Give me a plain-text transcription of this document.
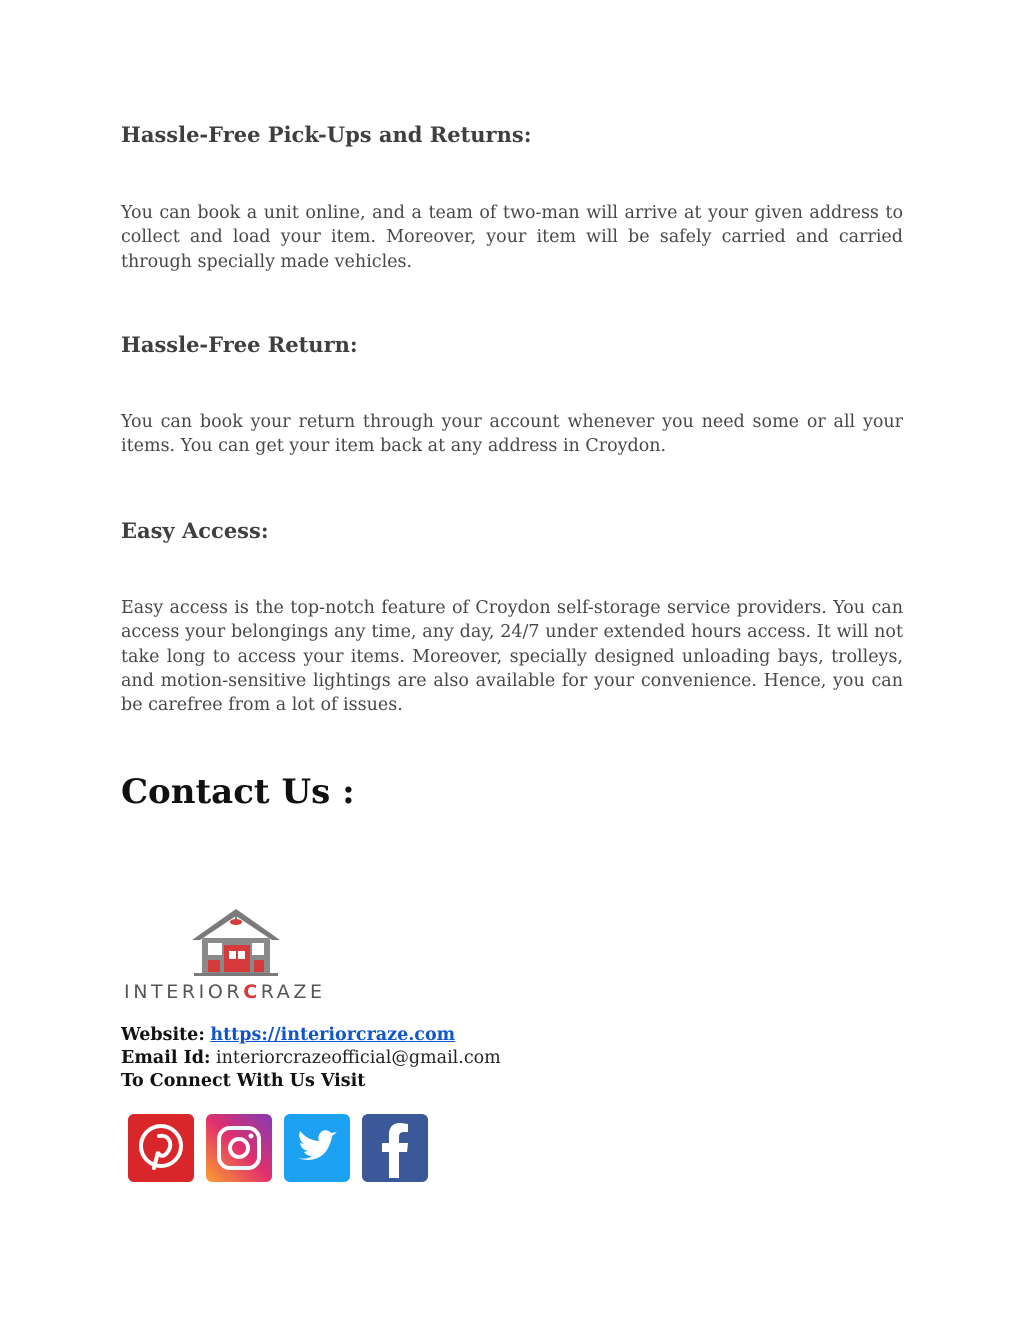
Hassle-Free Pick-Ups and Returns:

You can book a unit online, and a team of two-man will arrive at your given address to collect and load your item. Moreover, your item will be safely carried and carried through specially made vehicles.

Hassle-Free Return:

You can book your return through your account whenever you need some or all your items. You can get your item back at any address in Croydon.

Easy Access:

Easy access is the top-notch feature of Croydon self-storage service providers. You can access your belongings any time, any day, 24/7 under extended hours access. It will not take long to access your items. Moreover, specially designed unloading bays, trolleys, and motion-sensitive lightings are also available for your convenience. Hence, you can be carefree from a lot of issues.

Contact Us :
INTERIORCRAZE
Website: https://interiorcraze.com
Email Id: interiorcrazeofficial@gmail.com
To Connect With Us Visit
